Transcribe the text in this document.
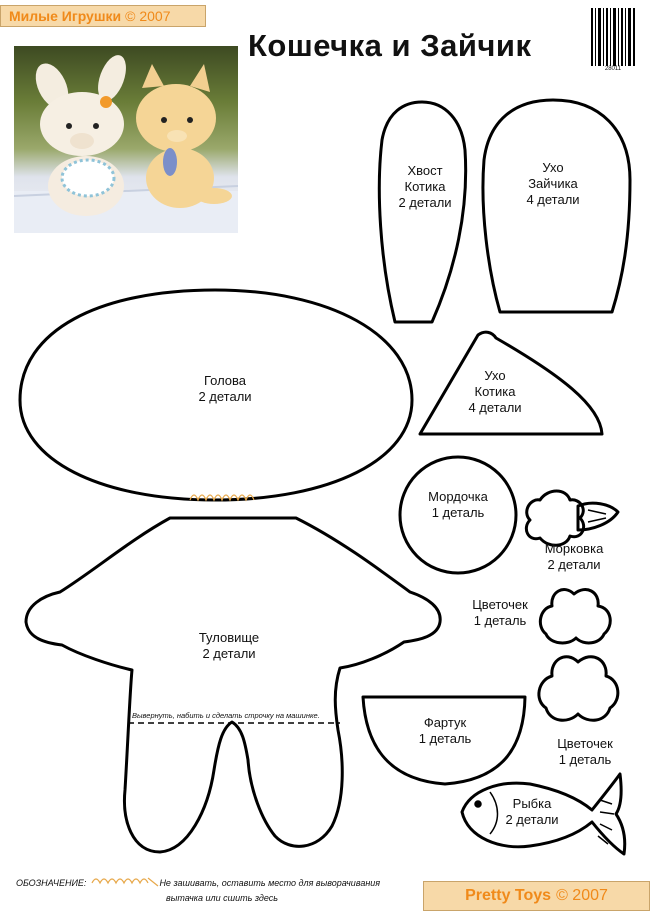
Милые Игрушки © 2007
Кошечка и Зайчик
28011
Хвост
Котика
2 детали
Ухо
Зайчика
4 детали
Голова
2 детали
Ухо
Котика
4 детали
Мордочка
1 деталь
Морковка
2 детали
Туловище
2 детали
Цветочек
1 деталь
Фартук
1 деталь	Цветочек
1 деталь
Рыбка
2 детали
Вывернуть, набить и сделать строчку на машинке.
ОБОЗНАЧЕНИЕ:	Не зашивать, оставить место для выворачивания
вытачка или сшить здесь	Pretty Toys © 2007
